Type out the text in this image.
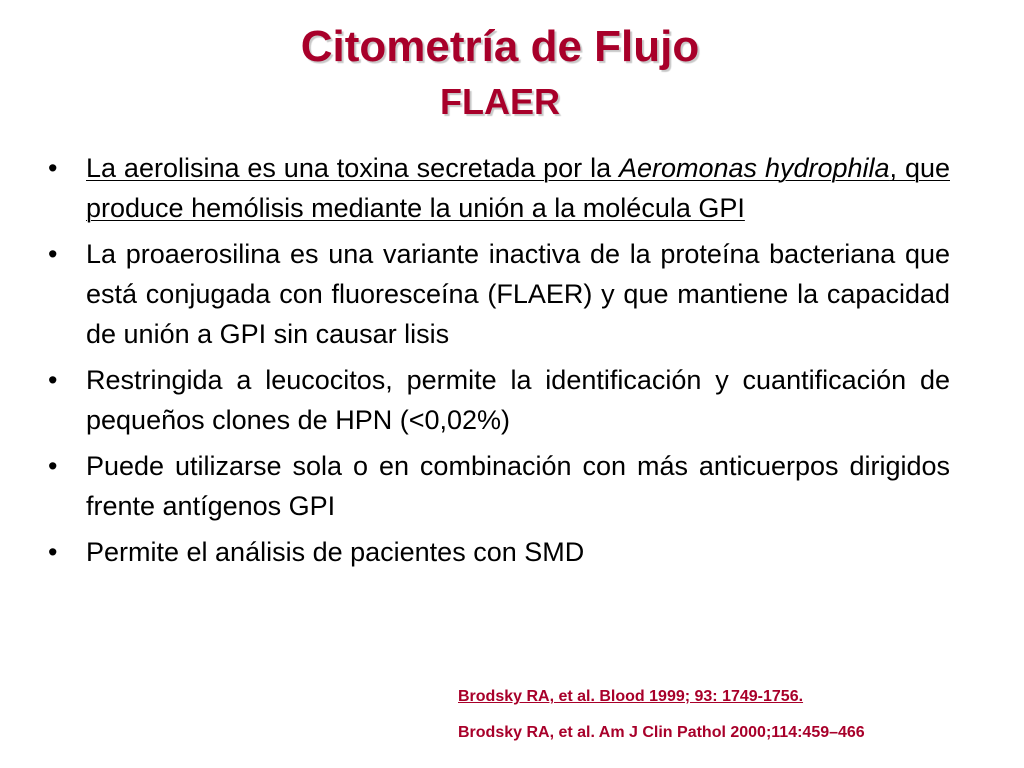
Citometría de Flujo
FLAER
•	La aerolisina es una toxina secretada por la Aeromonas hydrophila, que produce hemólisis mediante la unión a la molécula GPI
•	La proaerosilina es una variante inactiva de la proteína bacteriana que está conjugada con fluoresceína (FLAER) y que mantiene la capacidad de unión a GPI sin causar lisis
•	Restringida a leucocitos, permite la identificación y cuantificación de pequeños clones de HPN (<0,02%)
•	Puede utilizarse sola o en combinación con más anticuerpos dirigidos frente antígenos GPI
•	Permite el análisis de pacientes con SMD
Brodsky RA, et al. Blood 1999; 93: 1749-1756.
Brodsky RA, et al. Am J Clin Pathol 2000;114:459–466
